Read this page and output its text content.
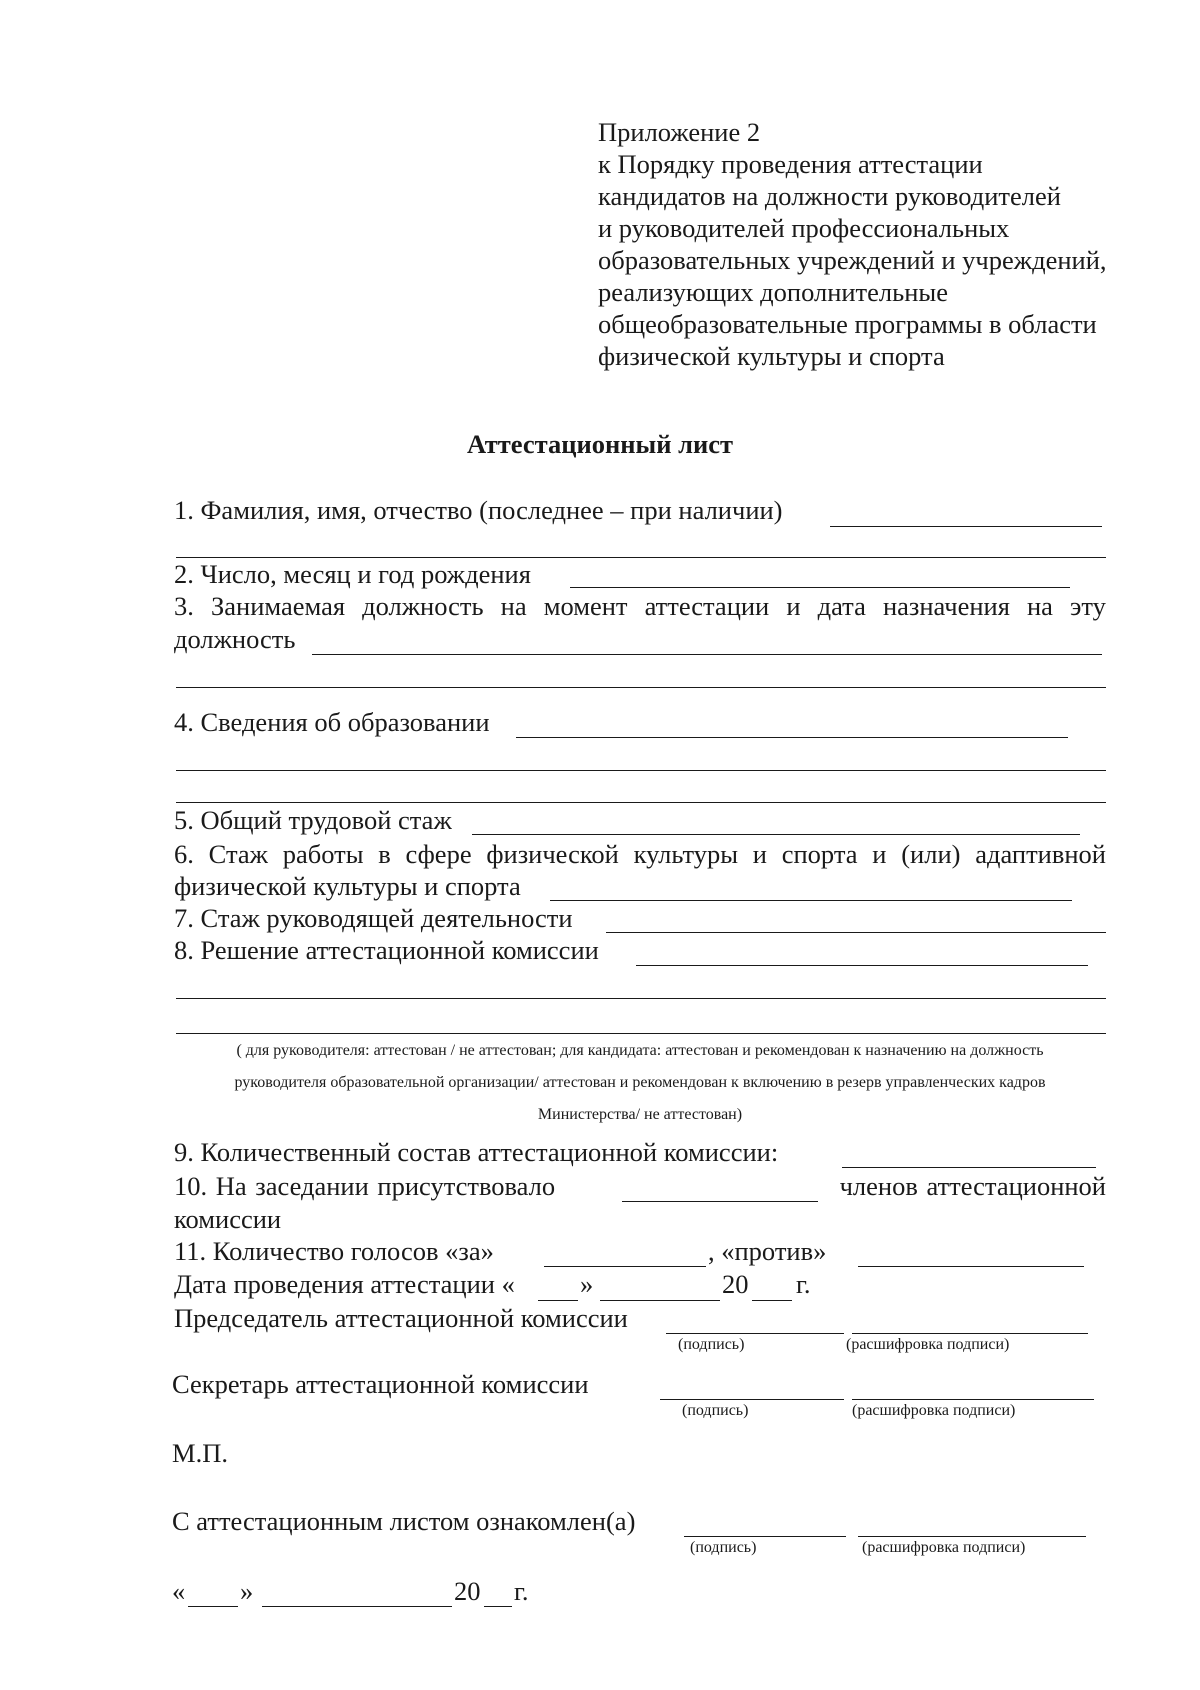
Приложение 2
к Порядку проведения аттестации
кандидатов на должности руководителей
и руководителей профессиональных
образовательных учреждений и учреждений,
реализующих дополнительные
общеобразовательные программы в области
физической культуры и спорта
Аттестационный лист
1. Фамилия, имя, отчество (последнее – при наличии)
2. Число, месяц и год рождения
3. Занимаемая должность на момент аттестации и дата назначения на эту
должность
4. Сведения об образовании
5. Общий трудовой стаж
6. Стаж работы в сфере физической культуры и спорта и (или) адаптивной
физической культуры и спорта
7. Стаж руководящей деятельности
8. Решение аттестационной комиссии
( для руководителя: аттестован / не аттестован; для кандидата: аттестован и рекомендован к назначению на должность
руководителя образовательной организации/ аттестован и рекомендован к включению в резерв управленческих кадров
Министерства/ не аттестован)
9. Количественный состав аттестационной комиссии:
10. На заседании присутствовало	членов аттестационной
комиссии
11. Количество голосов «за»	, «против»
Дата проведения аттестации « »	20 г.
Председатель аттестационной комиссии
(подпись)	(расшифровка подписи)
Секретарь аттестационной комиссии
(подпись)	(расшифровка подписи)
М.П.
С аттестационным листом ознакомлен(а)
(подпись)	(расшифровка подписи)
« »	20 г.
